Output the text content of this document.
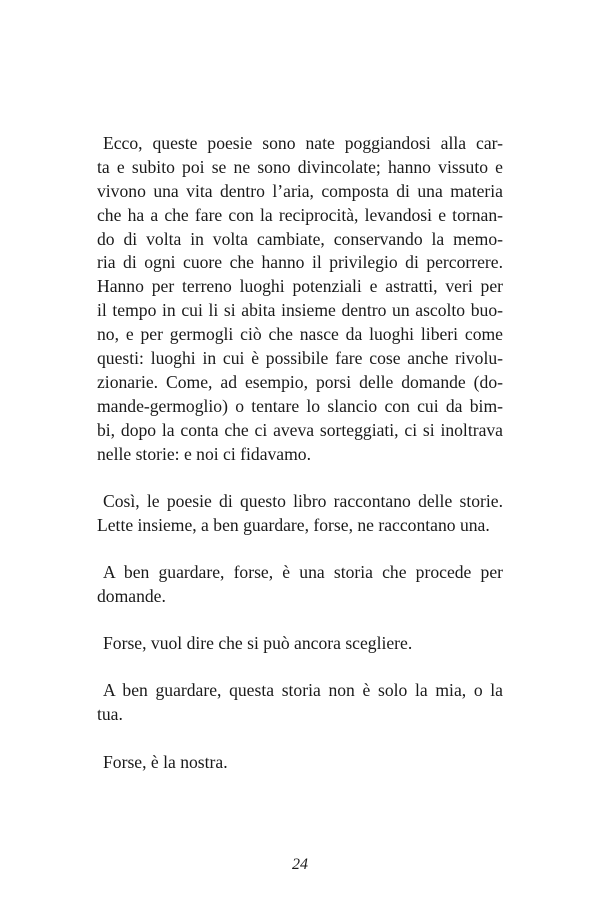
Ecco, queste poesie sono nate poggiandosi alla car-
ta e subito poi se ne sono divincolate; hanno vissuto e
vivono una vita dentro l’aria, composta di una materia
che ha a che fare con la reciprocità, levandosi e tornan-
do di volta in volta cambiate, conservando la memo-
ria di ogni cuore che hanno il privilegio di percorrere.
Hanno per terreno luoghi potenziali e astratti, veri per
il tempo in cui li si abita insieme dentro un ascolto buo-
no, e per germogli ciò che nasce da luoghi liberi come
questi: luoghi in cui è possibile fare cose anche rivolu-
zionarie. Come, ad esempio, porsi delle domande (do-
mande-germoglio) o tentare lo slancio con cui da bim-
bi, dopo la conta che ci aveva sorteggiati, ci si inoltrava
nelle storie: e noi ci fidavamo.

Così, le poesie di questo libro raccontano delle storie.
Lette insieme, a ben guardare, forse, ne raccontano una.

A ben guardare, forse, è una storia che procede per
domande.

Forse, vuol dire che si può ancora scegliere.

A ben guardare, questa storia non è solo la mia, o la
tua.

Forse, è la nostra.

24
